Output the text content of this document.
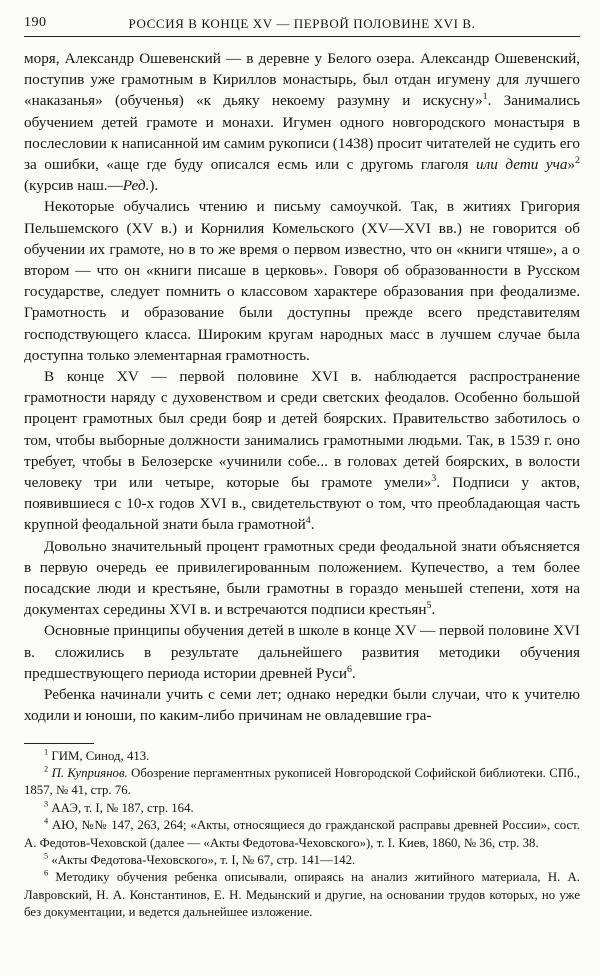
190	РОССИЯ В КОНЦЕ XV — ПЕРВОЙ ПОЛОВИНЕ XVI В.

моря, Александр Ошевенский — в деревне у Белого озера. Александр Ошевенский, поступив уже грамотным в Кириллов монастырь, был отдан игумену для лучшего «наказанья» (обученья) «к дьяку некоему разумну и искусну»$^1$. Занимались обучением детей грамоте и монахи. Игумен одного новгородского монастыря в послесловии к написанной им самим рукописи (1438) просит читателей не судить его за ошибки, «аще где буду описался есмь или с другомь глаголя или дети уча»$^2$ (курсив наш.—Ред.).

Некоторые обучались чтению и письму самоучкой. Так, в житиях Григория Пельшемского (XV в.) и Корнилия Комельского (XV—XVI вв.) не говорится об обучении их грамоте, но в то же время о первом известно, что он «книги чтяше», а о втором — что он «книги писаше в церковь». Говоря об образованности в Русском государстве, следует помнить о классовом характере образования при феодализме. Грамотность и образование были доступны прежде всего представителям господствующего класса. Широким кругам народных масс в лучшем случае была доступна только элементарная грамотность.

В конце XV — первой половине XVI в. наблюдается распространение грамотности наряду с духовенством и среди светских феодалов. Особенно большой процент грамотных был среди бояр и детей боярских. Правительство заботилось о том, чтобы выборные должности занимались грамотными людьми. Так, в 1539 г. оно требует, чтобы в Белозерске «учинили собе... в головах детей боярских, в волости человеку три или четыре, которые бы грамоте умели»$^3$. Подписи у актов, появившиеся с 10-х годов XVI в., свидетельствуют о том, что преобладающая часть крупной феодальной знати была грамотной$^4$.

Довольно значительный процент грамотных среди феодальной знати объясняется в первую очередь ее привилегированным положением. Купечество, а тем более посадские люди и крестьяне, были грамотны в гораздо меньшей степени, хотя на документах середины XVI в. и встречаются подписи крестьян$^5$.

Основные принципы обучения детей в школе в конце XV — первой половине XVI в. сложились в результате дальнейшего развития методики обучения предшествующего периода истории древней Руси$^6$.

Ребенка начинали учить с семи лет; однако нередки были случаи, что к учителю ходили и юноши, по каким-либо причинам не овладевшие гра-

$^1$ ГИМ, Синод, 413.

$^2$ П. Куприянов. Обозрение пергаментных рукописей Новгородской Софийской библиотеки. СПб., 1857, № 41, стр. 76.

$^3$ ААЭ, т. I, № 187, стр. 164.

$^4$ АЮ, №№ 147, 263, 264; «Акты, относящиеся до гражданской расправы древней России», сост. А. Федотов-Чеховской (далее — «Акты Федотова-Чеховского»), т. I. Киев, 1860, № 36, стр. 38.

$^5$ «Акты Федотова-Чеховского», т. I, № 67, стр. 141—142.

$^6$ Методику обучения ребенка описывали, опираясь на анализ житийного материала, Н. А. Лавровский, Н. А. Константинов, Е. Н. Медынский и другие, на основании трудов которых, но уже без документации, и ведется дальнейшее изложение.
